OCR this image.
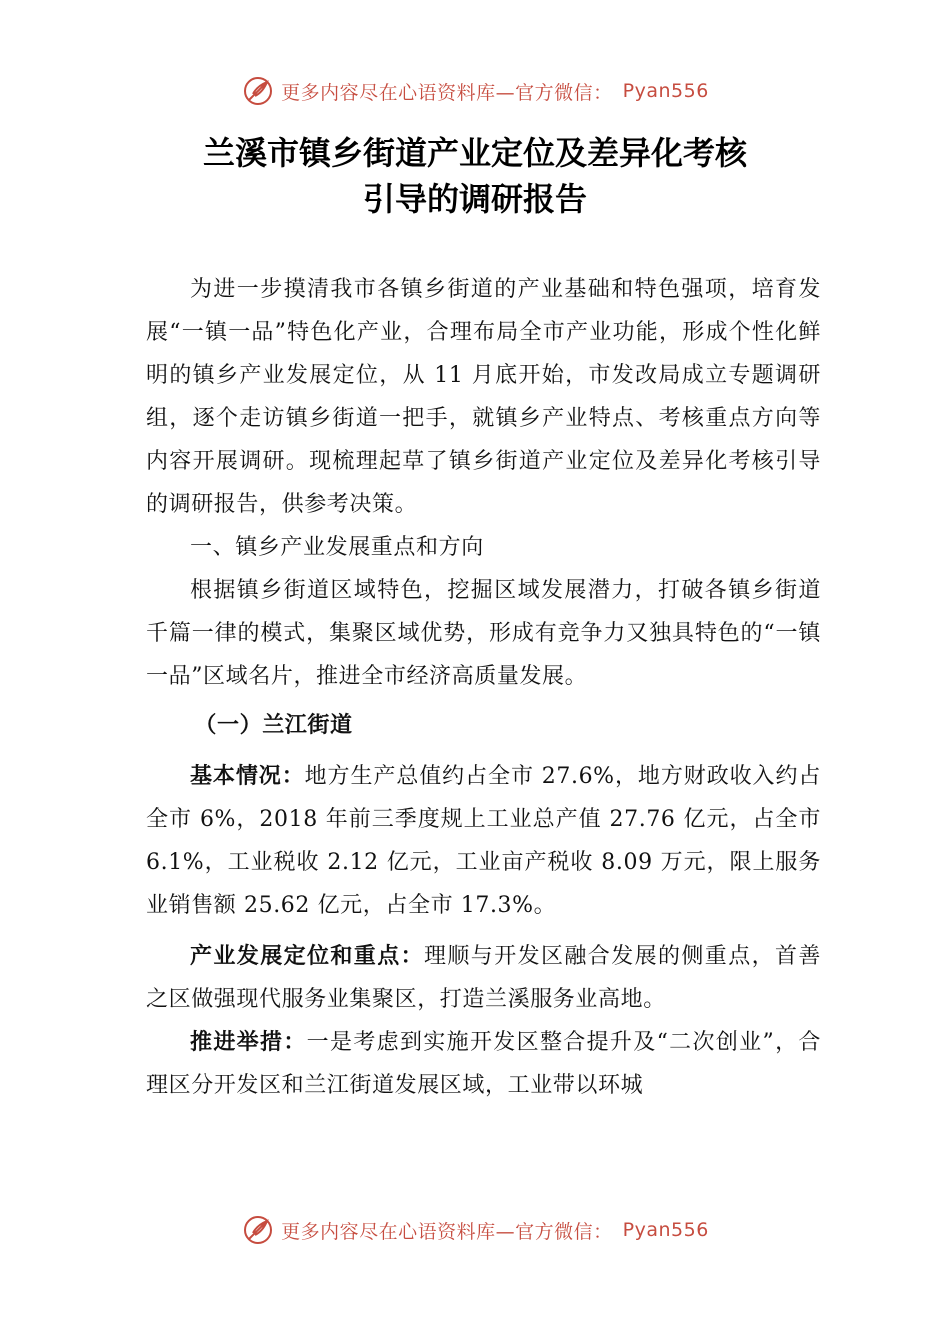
更多内容尽在心语资料库—官方微信： Pyan556
兰溪市镇乡街道产业定位及差异化考核
引导的调研报告

为进一步摸清我市各镇乡街道的产业基础和特色强项，培育发展“一镇一品”特色化产业，合理布局全市产业功能，形成个性化鲜明的镇乡产业发展定位，从 11 月底开始，市发改局成立专题调研组，逐个走访镇乡街道一把手，就镇乡产业特点、考核重点方向等内容开展调研。现梳理起草了镇乡街道产业定位及差异化考核引导的调研报告，供参考决策。

一、镇乡产业发展重点和方向

根据镇乡街道区域特色，挖掘区域发展潜力，打破各镇乡街道千篇一律的模式，集聚区域优势，形成有竞争力又独具特色的“一镇一品”区域名片，推进全市经济高质量发展。

（一）兰江街道

基本情况：地方生产总值约占全市 27.6%，地方财政收入约占全市 6%，2018 年前三季度规上工业总产值 27.76 亿元，占全市 6.1%，工业税收 2.12 亿元，工业亩产税收 8.09 万元，限上服务业销售额 25.62 亿元，占全市 17.3%。

产业发展定位和重点：理顺与开发区融合发展的侧重点，首善之区做强现代服务业集聚区，打造兰溪服务业高地。

推进举措：一是考虑到实施开发区整合提升及“二次创业”，合理区分开发区和兰江街道发展区域，工业带以环城

更多内容尽在心语资料库—官方微信： Pyan556
